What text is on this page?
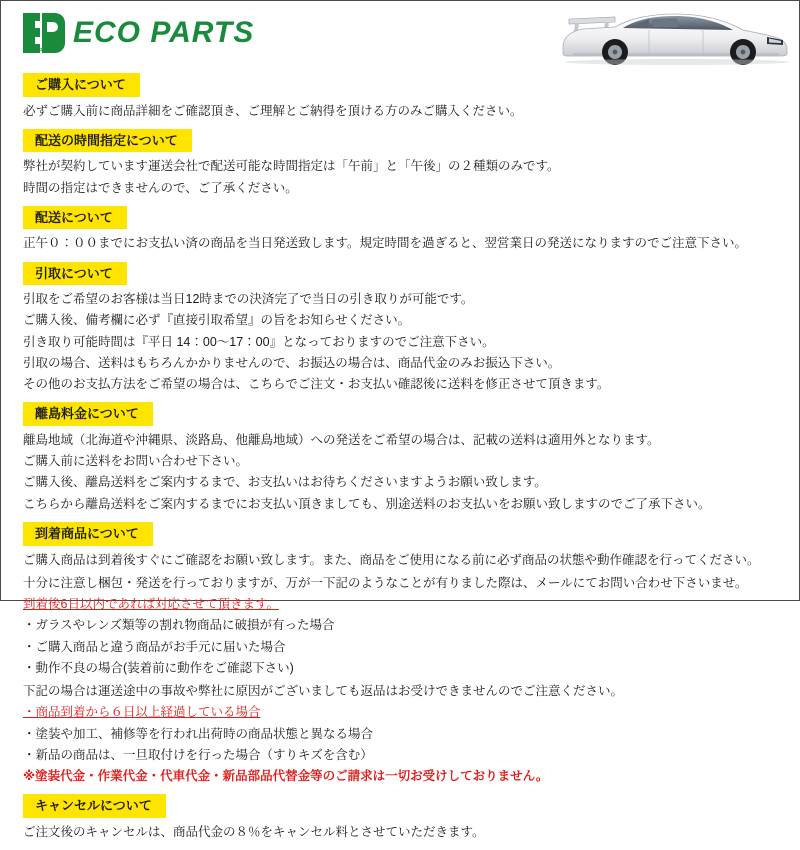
Eco Parts
ECO PARTS
ご購入について

必ずご購入前に商品詳細をご確認頂き、ご理解とご納得を頂ける方のみご購入ください。

配送の時間指定について

弊社が契約しています運送会社で配送可能な時間指定は「午前」と「午後」の２種類のみです。

時間の指定はできませんので、ご了承ください。

配送について

正午０：００までにお支払い済の商品を当日発送致します。規定時間を過ぎると、翌営業日の発送になりますのでご注意下さい。

引取について

引取をご希望のお客様は当日12時までの決済完了で当日の引き取りが可能です。

ご購入後、備考欄に必ず『直接引取希望』の旨をお知らせください。

引き取り可能時間は『平日 14：00〜17：00』となっておりますのでご注意下さい。

引取の場合、送料はもちろんかかりませんので、お振込の場合は、商品代金のみお振込下さい。

その他のお支払方法をご希望の場合は、こちらでご注文・お支払い確認後に送料を修正させて頂きます。

離島料金について

離島地域（北海道や沖縄県、淡路島、他離島地域）への発送をご希望の場合は、記載の送料は適用外となります。

ご購入前に送料をお問い合わせ下さい。

ご購入後、離島送料をご案内するまで、お支払いはお待ちくださいますようお願い致します。

こちらから離島送料をご案内するまでにお支払い頂きましても、別途送料のお支払いをお願い致しますのでご了承下さい。

到着商品について

ご購入商品は到着後すぐにご確認をお願い致します。また、商品をご使用になる前に必ず商品の状態や動作確認を行ってください。

十分に注意し梱包・発送を行っておりますが、万が一下記のようなことが有りました際は、メールにてお問い合わせ下さいませ。

到着後6日以内であれば対応させて頂きます。

・ガラスやレンズ類等の割れ物商品に破損が有った場合

・ご購入商品と違う商品がお手元に届いた場合

・動作不良の場合(装着前に動作をご確認下さい)

下記の場合は運送途中の事故や弊社に原因がございましても返品はお受けできませんのでご注意ください。

・商品到着から６日以上経過している場合

・塗装や加工、補修等を行われ出荷時の商品状態と異なる場合

・新品の商品は、一旦取付けを行った場合（すりキズを含む）

※塗装代金・作業代金・代車代金・新品部品代替金等のご請求は一切お受けしておりません。

キャンセルについて

ご注文後のキャンセルは、商品代金の８％をキャンセル料とさせていただきます。
